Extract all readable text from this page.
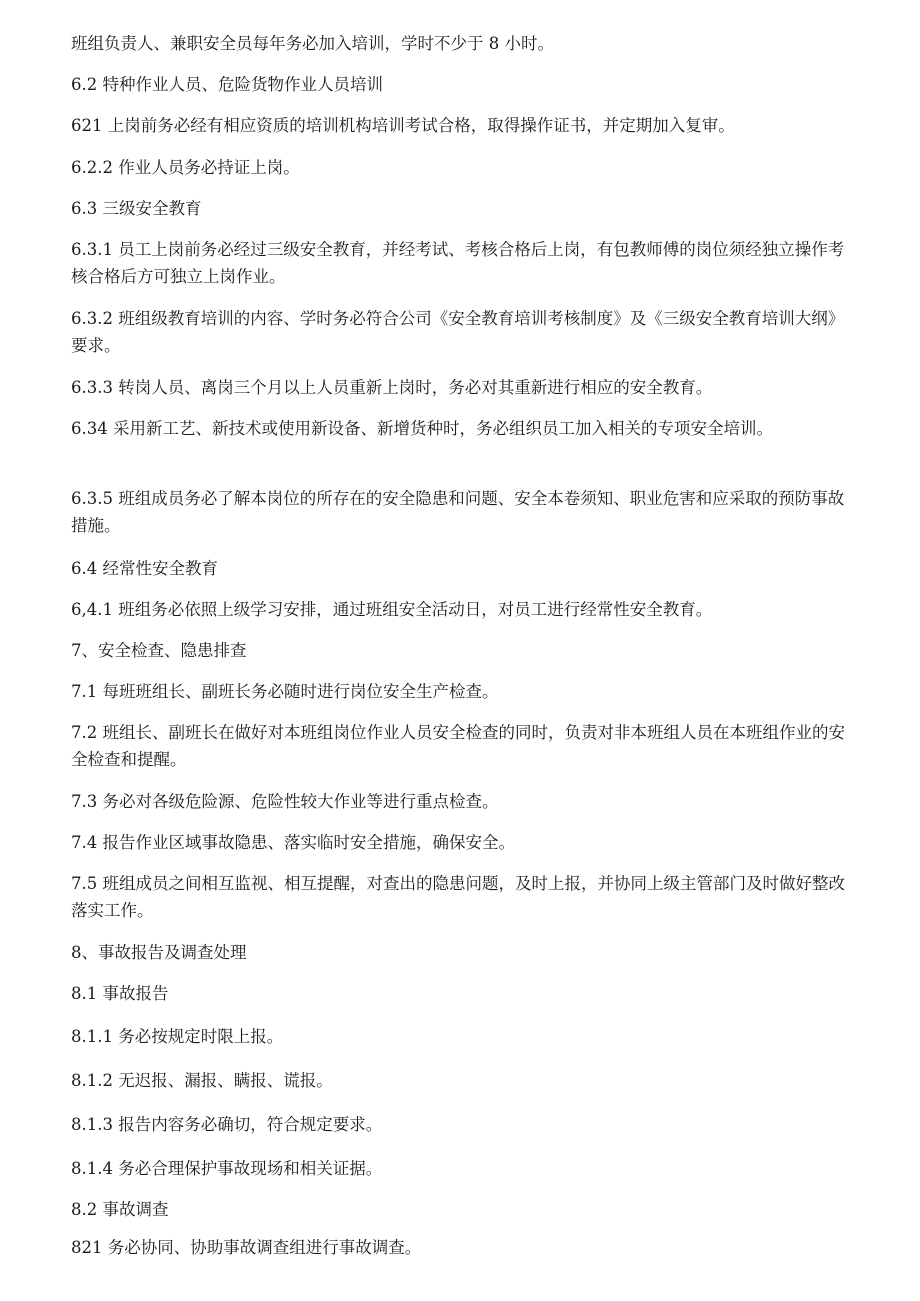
班组负责人、兼职安全员每年务必加入培训，学时不少于 8 小时。

6.2 特种作业人员、危险货物作业人员培训

621 上岗前务必经有相应资质的培训机构培训考试合格，取得操作证书，并定期加入复审。

6.2.2 作业人员务必持证上岗。

6.3 三级安全教育

6.3.1 员工上岗前务必经过三级安全教育，并经考试、考核合格后上岗，有包教师傅的岗位须经独立操作考核合格后方可独立上岗作业。

6.3.2 班组级教育培训的内容、学时务必符合公司《安全教育培训考核制度》及《三级安全教育培训大纲》要求。

6.3.3 转岗人员、离岗三个月以上人员重新上岗时，务必对其重新进行相应的安全教育。

6.34 采用新工艺、新技术或使用新设备、新增货种时，务必组织员工加入相关的专项安全培训。

6.3.5 班组成员务必了解本岗位的所存在的安全隐患和问题、安全本卷须知、职业危害和应采取的预防事故措施。

6.4 经常性安全教育

6,4.1 班组务必依照上级学习安排，通过班组安全活动日，对员工进行经常性安全教育。

7、安全检查、隐患排查

7.1 每班班组长、副班长务必随时进行岗位安全生产检查。

7.2 班组长、副班长在做好对本班组岗位作业人员安全检查的同时，负责对非本班组人员在本班组作业的安全检查和提醒。

7.3 务必对各级危险源、危险性较大作业等进行重点检查。

7.4 报告作业区域事故隐患、落实临时安全措施，确保安全。

7.5 班组成员之间相互监视、相互提醒，对查出的隐患问题，及时上报，并协同上级主管部门及时做好整改落实工作。

8、事故报告及调查处理

8.1 事故报告

8.1.1 务必按规定时限上报。

8.1.2 无迟报、漏报、瞒报、谎报。

8.1.3 报告内容务必确切，符合规定要求。

8.1.4 务必合理保护事故现场和相关证据。

8.2 事故调查

821 务必协同、协助事故调查组进行事故调查。
